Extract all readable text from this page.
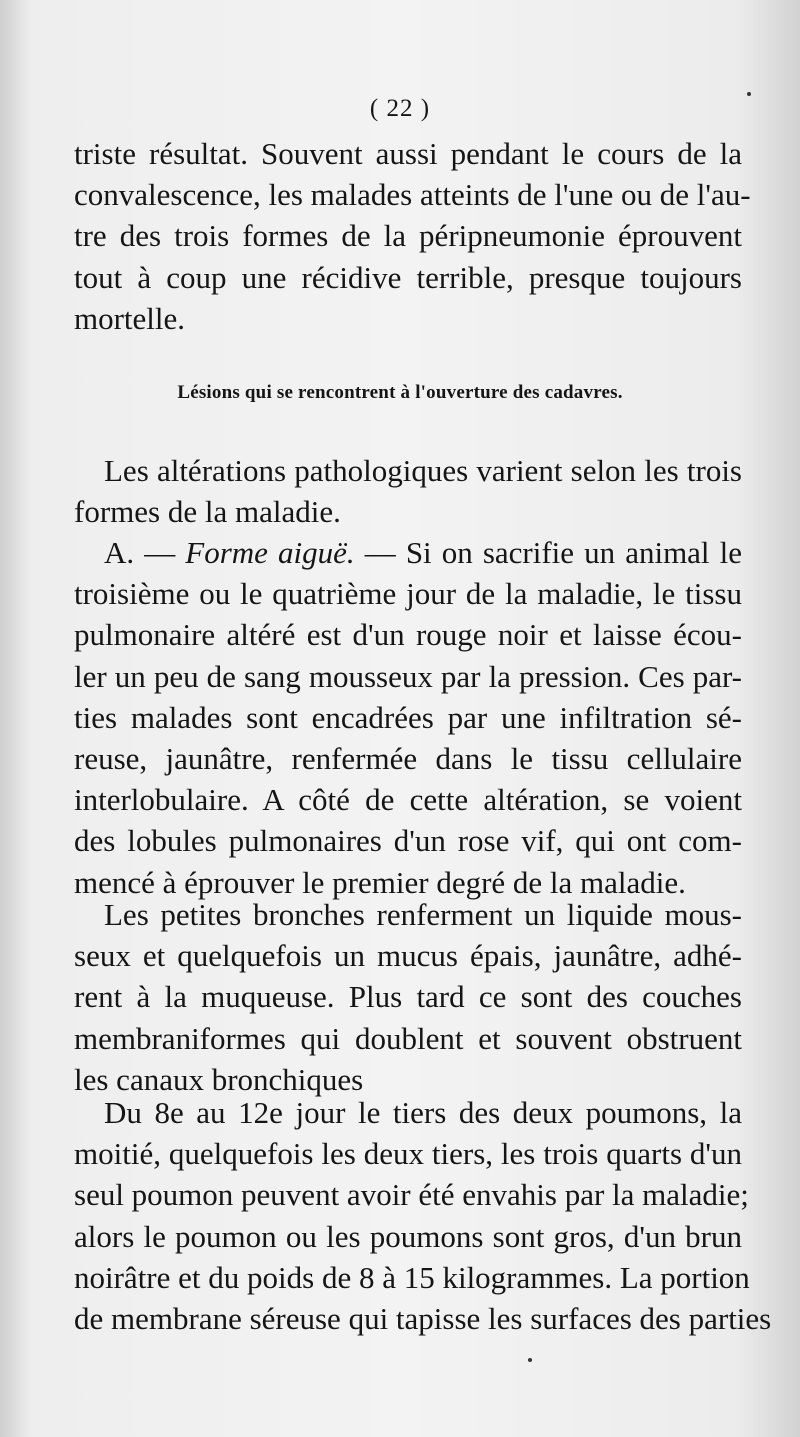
( 22 )
triste résultat. Souvent aussi pendant le cours de la
convalescence, les malades atteints de l'une ou de l'au-
tre des trois formes de la péripneumonie éprouvent
tout à coup une récidive terrible, presque toujours
mortelle.
Lésions qui se rencontrent à l'ouverture des cadavres.
Les altérations pathologiques varient selon les trois
formes de la maladie.
A. — Forme aiguë. — Si on sacrifie un animal le
troisième ou le quatrième jour de la maladie, le tissu
pulmonaire altéré est d'un rouge noir et laisse écou-
ler un peu de sang mousseux par la pression. Ces par-
ties malades sont encadrées par une infiltration sé-
reuse, jaunâtre, renfermée dans le tissu cellulaire
interlobulaire. A côté de cette altération, se voient
des lobules pulmonaires d'un rose vif, qui ont com-
mencé à éprouver le premier degré de la maladie.
Les petites bronches renferment un liquide mous-
seux et quelquefois un mucus épais, jaunâtre, adhé-
rent à la muqueuse. Plus tard ce sont des couches
membraniformes qui doublent et souvent obstruent
les canaux bronchiques
Du 8e au 12e jour le tiers des deux poumons, la
moitié, quelquefois les deux tiers, les trois quarts d'un
seul poumon peuvent avoir été envahis par la maladie;
alors le poumon ou les poumons sont gros, d'un brun
noirâtre et du poids de 8 à 15 kilogrammes. La portion
de membrane séreuse qui tapisse les surfaces des parties
